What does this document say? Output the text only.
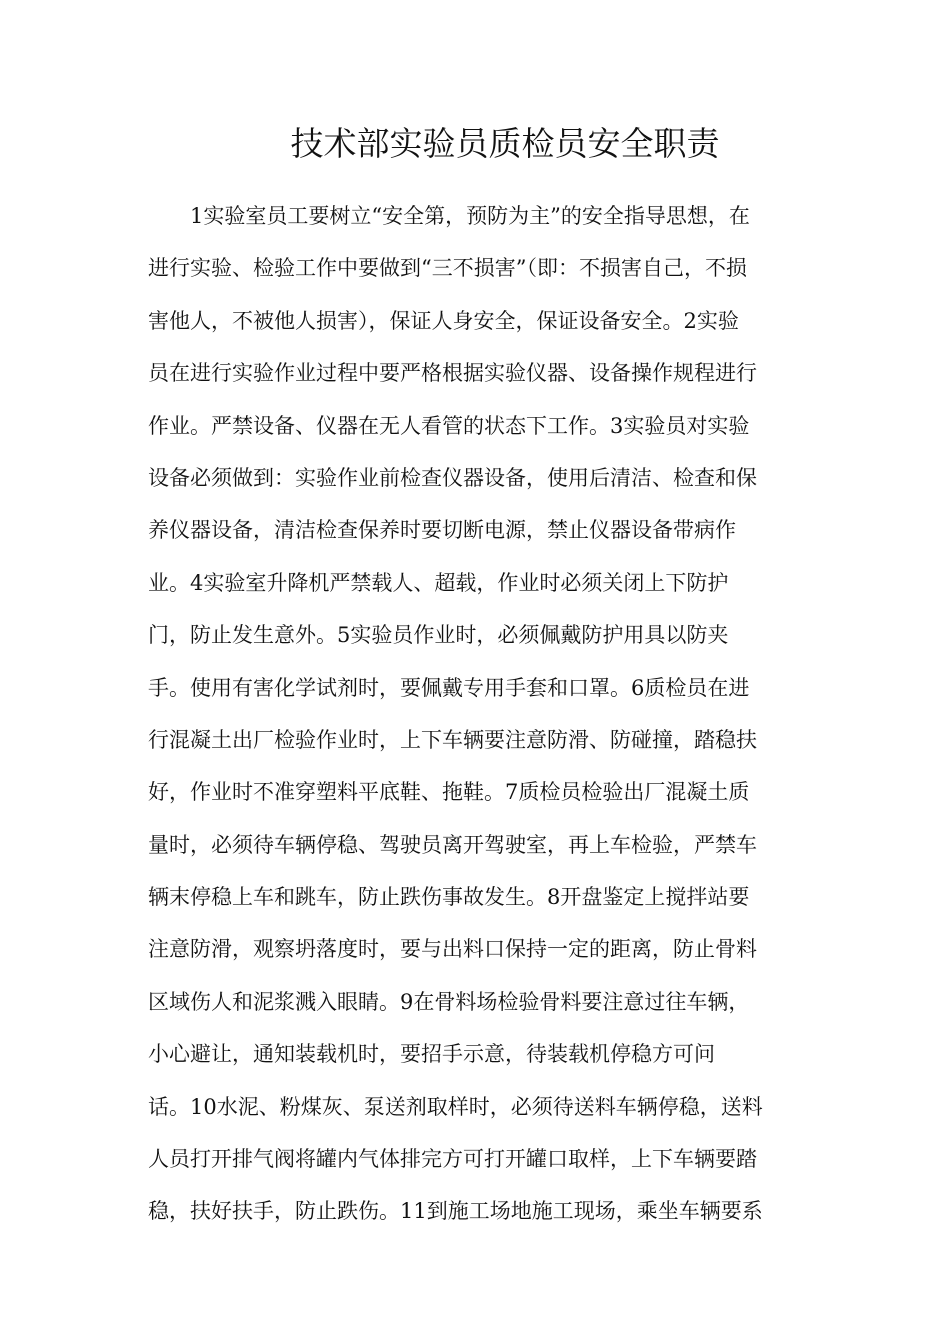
技术部实验员质检员安全职责
1实验室员工要树立“安全第，预防为主”的安全指导思想，在
进行实验、检验工作中要做到“三不损害”（即：不损害自己，不损
害他人，不被他人损害），保证人身安全，保证设备安全。2实验
员在进行实验作业过程中要严格根据实验仪器、设备操作规程进行
作业。严禁设备、仪器在无人看管的状态下工作。3实验员对实验
设备必须做到：实验作业前检查仪器设备，使用后清洁、检查和保
养仪器设备，清洁检查保养时要切断电源，禁止仪器设备带病作
业。4实验室升降机严禁载人、超载，作业时必须关闭上下防护
门，防止发生意外。5实验员作业时，必须佩戴防护用具以防夹
手。使用有害化学试剂时，要佩戴专用手套和口罩。6质检员在进
行混凝土出厂检验作业时，上下车辆要注意防滑、防碰撞，踏稳扶
好，作业时不准穿塑料平底鞋、拖鞋。7质检员检验出厂混凝土质
量时，必须待车辆停稳、驾驶员离开驾驶室，再上车检验，严禁车
辆末停稳上车和跳车，防止跌伤事故发生。8开盘鉴定上搅拌站要
注意防滑，观察坍落度时，要与出料口保持一定的距离，防止骨料
区域伤人和泥浆溅入眼睛。9在骨料场检验骨料要注意过往车辆，
小心避让，通知装载机时，要招手示意，待装载机停稳方可问
话。10水泥、粉煤灰、泵送剂取样时，必须待送料车辆停稳，送料
人员打开排气阀将罐内气体排完方可打开罐口取样，上下车辆要踏
稳，扶好扶手，防止跌伤。11到施工场地施工现场，乘坐车辆要系
